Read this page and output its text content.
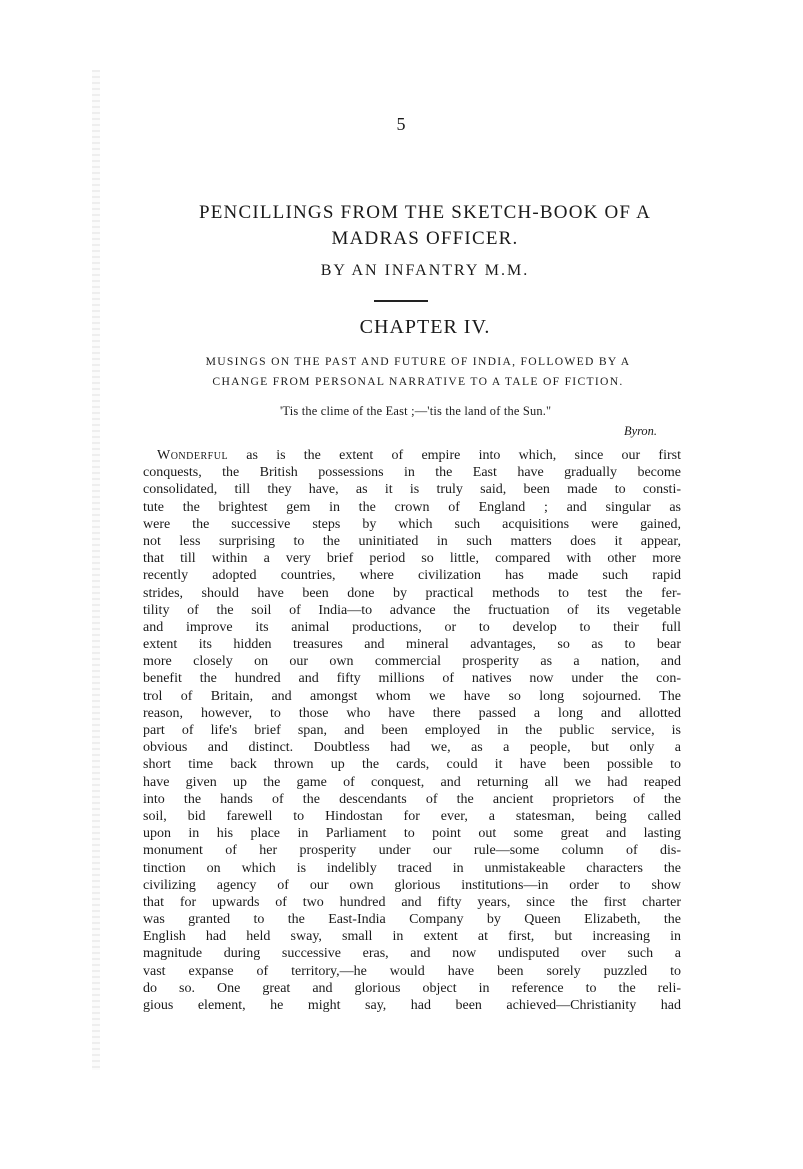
5
PENCILLINGS FROM THE SKETCH-BOOK OF A
MADRAS OFFICER.
BY AN INFANTRY M.M.
CHAPTER IV.
MUSINGS ON THE PAST AND FUTURE OF INDIA, FOLLOWED BY A
CHANGE FROM PERSONAL NARRATIVE TO A TALE OF FICTION.
'Tis the clime of the East ;—'tis the land of the Sun."
Byron.
Wonderful as is the extent of empire into which, since our first
conquests, the British possessions in the East have gradually become
consolidated, till they have, as it is truly said, been made to consti-
tute the brightest gem in the crown of England ; and singular as
were the successive steps by which such acquisitions were gained,
not less surprising to the uninitiated in such matters does it appear,
that till within a very brief period so little, compared with other more
recently adopted countries, where civilization has made such rapid
strides, should have been done by practical methods to test the fer-
tility of the soil of India—to advance the fructuation of its vegetable
and improve its animal productions, or to develop to their full
extent its hidden treasures and mineral advantages, so as to bear
more closely on our own commercial prosperity as a nation, and
benefit the hundred and fifty millions of natives now under the con-
trol of Britain, and amongst whom we have so long sojourned. The
reason, however, to those who have there passed a long and allotted
part of life's brief span, and been employed in the public service, is
obvious and distinct. Doubtless had we, as a people, but only a
short time back thrown up the cards, could it have been possible to
have given up the game of conquest, and returning all we had reaped
into the hands of the descendants of the ancient proprietors of the
soil, bid farewell to Hindostan for ever, a statesman, being called
upon in his place in Parliament to point out some great and lasting
monument of her prosperity under our rule—some column of dis-
tinction on which is indelibly traced in unmistakeable characters the
civilizing agency of our own glorious institutions—in order to show
that for upwards of two hundred and fifty years, since the first charter
was granted to the East-India Company by Queen Elizabeth, the
English had held sway, small in extent at first, but increasing in
magnitude during successive eras, and now undisputed over such a
vast expanse of territory,—he would have been sorely puzzled to
do so. One great and glorious object in reference to the reli-
gious element, he might say, had been achieved—Christianity had
